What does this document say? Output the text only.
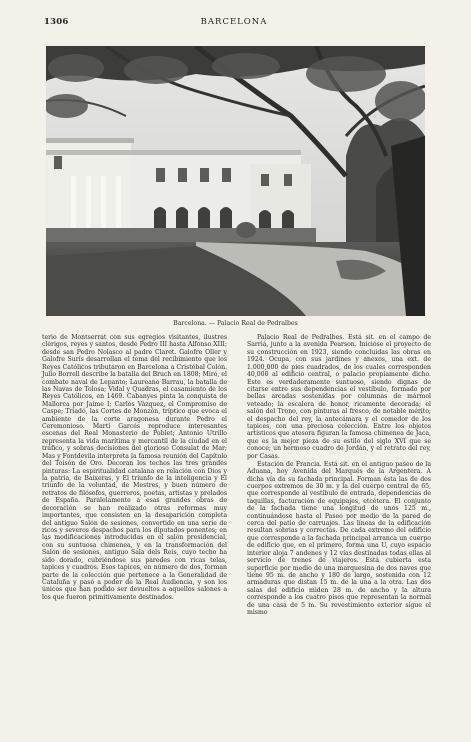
1306	BARCELONA
Barcelona. — Palacio Real de Pedralbes

terio de Montserrat con sus egregios visitantes, ilustres clérigos, reyes y santos, desde Pedro III hasta Alfonso XIII; desde san Pedro Nolasco al padre Claret. Galofre Oller y Galofre Surís desarrollan el tema del recibimiento que los Reyes Católicos tributaron en Barcelona a Cristóbal Colón. Julio Borrell describe la batalla del Bruch en 1808; Miró, el combate naval de Lepanto; Laureano Barrau, la batalla de las Navas de Tolosa; Vidal y Quadras, el casamiento de los Reyes Católicos, en 1469. Cabanyes pinta la conquista de Mallorca por Jaime I; Carlos Vázquez, el Compromiso de Caspe; Triadó, las Cortes de Monzón, tríptico que evoca el ambiente de la corte aragonesa durante Pedro el Ceremonioso. Martí Garcés reproduce interesantes escenas del Real Monasterio de Poblet; Antonio Utrillo representa la vida marítima y mercantil de la ciudad en el tráfico, y sobras decisiones del glorioso Consulat de Mar; Mas y Fontdevila interpreta la famosa reunión del Capítulo del Toisón de Oro. Decoran los techos las tres grandes pinturas: La espiritualidad catalana en relación con Dios y la patria, de Baixeras, y El triunfo de la inteligencia y El triunfo de la voluntad, de Mestres, y buen número de retratos de filósofos, guerreros, poetas, artistas y prelados de España. Paralelamente a esas grandes obras de decoración se han realizado otras reformas muy importantes, que consisten en la desaparición completa del antiguo Salón de sesiones, convertido en una serie de ricos y severos despachos para los diputados ponentes; en las modificaciones introducidas en el salón presidencial, con su suntuosa chimenea, y en la transformación del Salón de sesiones, antiguo Sala dels Reis, cuyo techo ha sido dorado, cubriéndose sus paredes con ricas telas, tapices y cuadros. Esos tapices, en número de dos, forman parte de la colección que pertenece a la Generalidad de Cataluña y pasó a poder de la Real Audiencia, y son los únicos que han podido ser devueltos a aquellos salones a los que fueron primitivamente destinados.

Palacio Real de Pedralbes. Está sit. en el campo de Sarriá, junto a la avenida Pearson. Inicióse el proyecto de su construcción en 1923, siendo concluidas las obras en 1924. Ocupa, con sus jardines y anexos, una ext. de 1.000,000 de pies cuadrados, de los cuales corresponden 40,000 al edificio central, o palacio propiamente dicho. Este es verdaderamente suntuoso, siendo dignas de citarse entre sus dependencias el vestíbulo, formado por bellas arcadas sostenidas por columnas de mármol veteado; la escalera de honor, ricamente decorada; el salón del Trono, con pinturas al fresco, de notable mérito; el despacho del rey, la antecámara y el comedor de los tapices, con una preciosa colección. Entre los objetos artísticos que atesora figuran la famosa chimenea de Jaca, que es la mejor pieza de su estilo del siglo XVI que se conoce; un hermoso cuadro de Jordán, y el retrato del rey, por Casas.

Estación de Francia. Está sit. en el antiguo paseo de la Aduana, hoy Avenida del Marqués de la Argentera. A dicha vía da su fachada principal. Forman ésta las de dos cuerpos extremos de 30 m. y la del cuerpo central de 65, que corresponde al vestíbulo de entrada, dependencias de taquillas, facturación de equipajes, etcétera. El conjunto de la fachada tiene una longitud de unos 125 m., continuándose hasta el Paseo por medio de la pared de cerca del patio de carruajes. Las líneas de la edificación resultan sobrias y correctas. De cada extremo del edificio que corresponde a la fachada principal arranca un cuerpo de edificio que, en el primero, forma una U, cuyo espacio interior aloja 7 andenes y 12 vías destinadas todas ellas al servicio de trenes de viajeros. Está cubierta esta superficie por medio de una marquesina de dos naves que tiene 95 m. de ancho y 180 de largo, sostenida con 12 armaduras que distan 15 m. de la una a la otra. Las dos salas del edificio miden 28 m. de ancho y la altura corresponde a los cuatro pisos que representan la normal de una casa de 5 m. Su revestimiento exterior sigue el mismo
